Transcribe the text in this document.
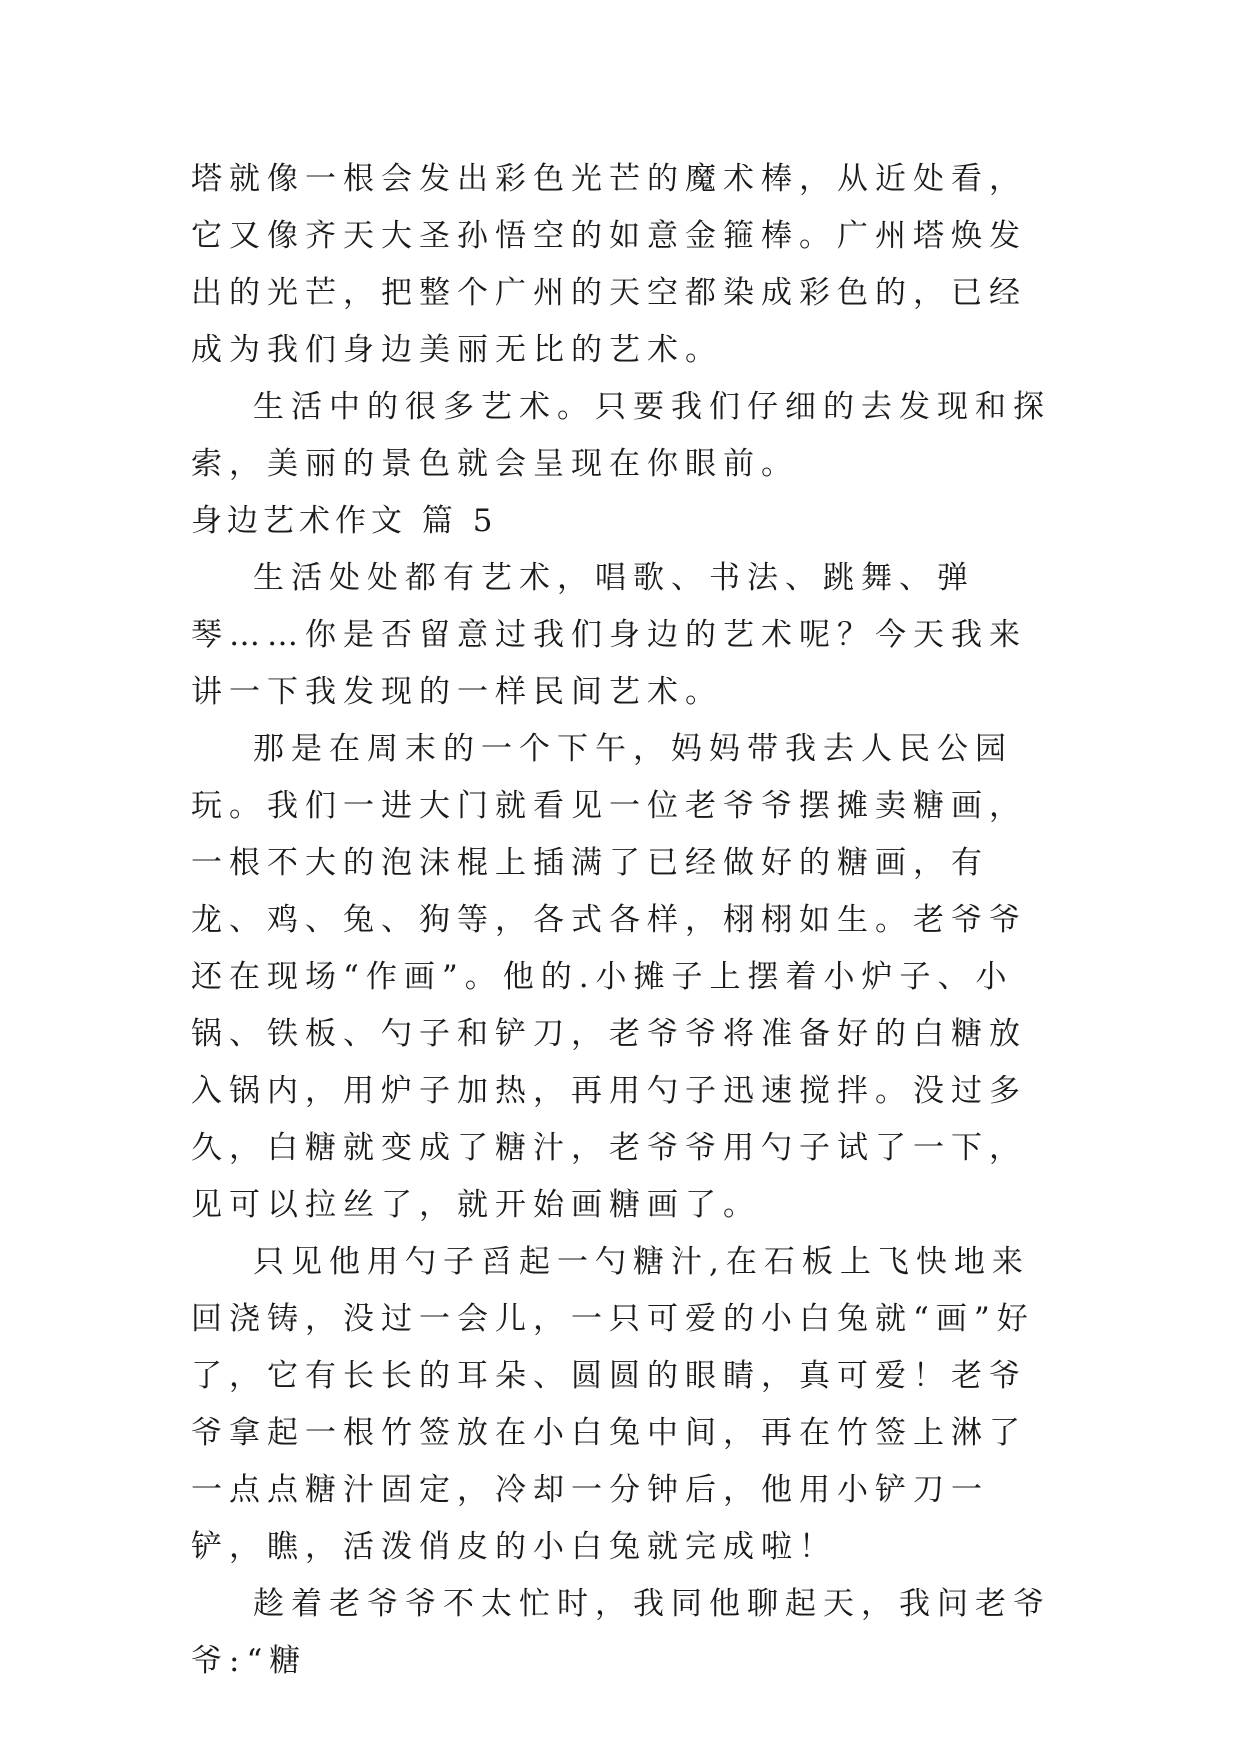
塔就像一根会发出彩色光芒的魔术棒，从近处看，它又像齐天大圣孙悟空的如意金箍棒。广州塔焕发出的光芒，把整个广州的天空都染成彩色的，已经成为我们身边美丽无比的艺术。

生活中的很多艺术。只要我们仔细的去发现和探索，美丽的景色就会呈现在你眼前。

身边艺术作文 篇 5

生活处处都有艺术，唱歌、书法、跳舞、弹琴……你是否留意过我们身边的艺术呢？今天我来讲一下我发现的一样民间艺术。

那是在周末的一个下午，妈妈带我去人民公园玩。我们一进大门就看见一位老爷爷摆摊卖糖画，一根不大的泡沫棍上插满了已经做好的糖画，有龙、鸡、兔、狗等，各式各样，栩栩如生。老爷爷还在现场“作画”。他的.小摊子上摆着小炉子、小锅、铁板、勺子和铲刀，老爷爷将准备好的白糖放入锅内，用炉子加热，再用勺子迅速搅拌。没过多久，白糖就变成了糖汁，老爷爷用勺子试了一下，见可以拉丝了，就开始画糖画了。

只见他用勺子舀起一勺糖汁,在石板上飞快地来回浇铸，没过一会儿，一只可爱的小白兔就“画”好了，它有长长的耳朵、圆圆的眼睛，真可爱！老爷爷拿起一根竹签放在小白兔中间，再在竹签上淋了一点点糖汁固定，冷却一分钟后，他用小铲刀一铲，瞧，活泼俏皮的小白兔就完成啦！

趁着老爷爷不太忙时，我同他聊起天，我问老爷爷:“糖
